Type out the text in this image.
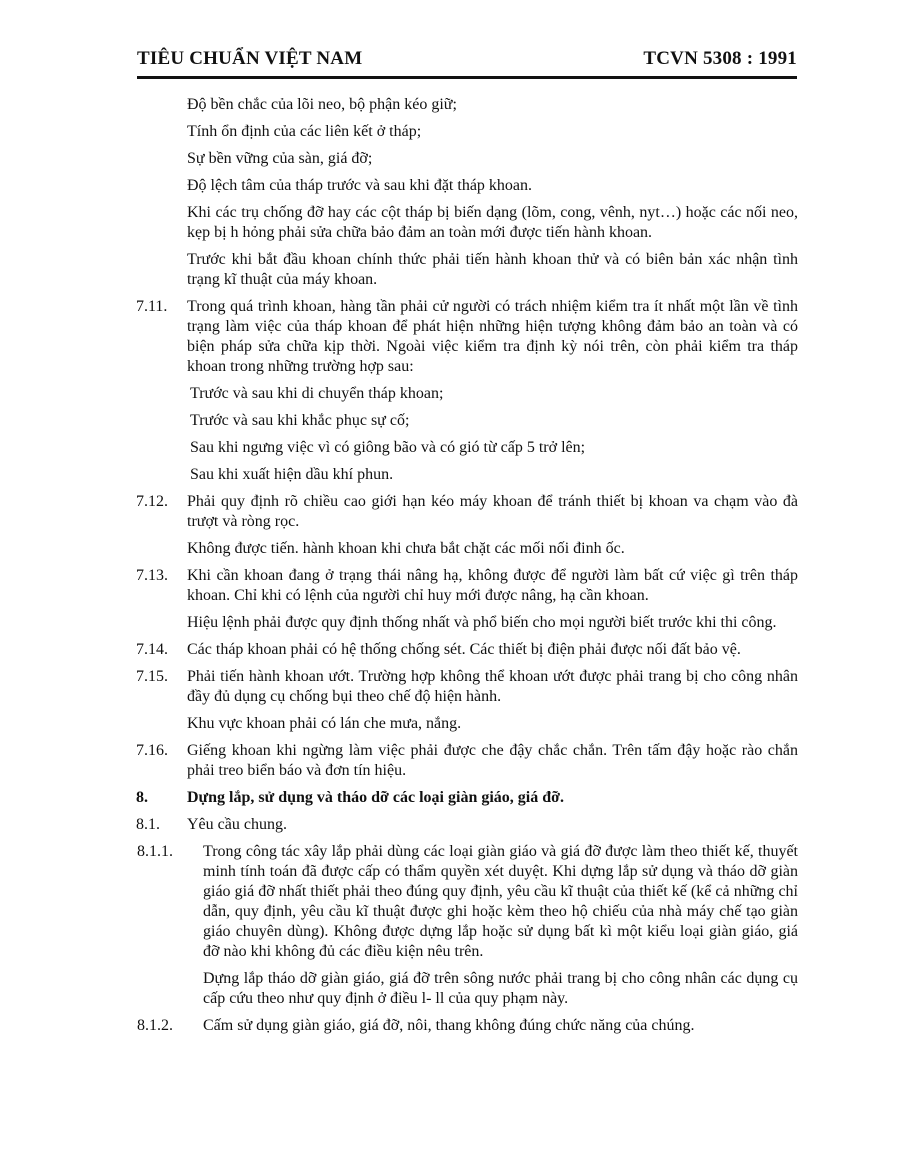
TIÊU CHUẨN VIỆT NAM	TCVN 5308 : 1991

Độ bền chắc của lõi neo, bộ phận kéo giữ;

Tính ổn định của các liên kết ở tháp;

Sự bền vững của sàn, giá đỡ;

Độ lệch tâm của tháp trước và sau khi đặt tháp khoan.

Khi các trụ chống đỡ hay các cột tháp bị biến dạng (lõm, cong, vênh, nyt…) hoặc các nối neo, kẹp bị h hỏng phải sửa chữa bảo đảm an toàn mới được tiến hành khoan.

Trước khi bắt đầu khoan chính thức phải tiến hành khoan thử và có biên bản xác nhận tình trạng kĩ thuật của máy khoan.

7.11. Trong quá trình khoan, hàng tần phải cử người có trách nhiệm kiểm tra ít nhất một lần về tình trạng làm việc của tháp khoan để phát hiện những hiện tượng không đảm bảo an toàn và có biện pháp sửa chữa kịp thời. Ngoài việc kiểm tra định kỳ nói trên, còn phải kiểm tra tháp khoan trong những trường hợp sau:

Trước và sau khi di chuyển tháp khoan;

Trước và sau khi khắc phục sự cố;

Sau khi ngưng việc vì có giông bão và có gió từ cấp 5 trở lên;

Sau khi xuất hiện dầu khí phun.

7.12. Phải quy định rõ chiều cao giới hạn kéo máy khoan để tránh thiết bị khoan va chạm vào đà trượt và ròng rọc.

Không được tiến. hành khoan khi chưa bắt chặt các mối nối đinh ốc.

7.13. Khi cần khoan đang ở trạng thái nâng hạ, không được để người làm bất cứ việc gì trên tháp khoan. Chỉ khi có lệnh của người chỉ huy mới được nâng, hạ cần khoan.

Hiệu lệnh phải được quy định thống nhất và phổ biến cho mọi người biết trước khi thi công.

7.14. Các tháp khoan phải có hệ thống chống sét. Các thiết bị điện phải được nối đất bảo vệ.
7.15. Phải tiến hành khoan ướt. Trường hợp không thể khoan ướt được phải trang bị cho công nhân đầy đủ dụng cụ chống bụi theo chế độ hiện hành.

Khu vực khoan phải có lán che mưa, nắng.

7.16. Giếng khoan khi ngừng làm việc phải được che đậy chắc chắn. Trên tấm đậy hoặc rào chắn phải treo biển báo và đơn tín hiệu.
8. Dựng lắp, sử dụng và tháo dỡ các loại giàn giáo, giá đỡ.
8.1. Yêu cầu chung.
8.1.1. Trong công tác xây lắp phải dùng các loại giàn giáo và giá đỡ được làm theo thiết kế, thuyết minh tính toán đã được cấp có thẩm quyền xét duyệt. Khi dựng lắp sử dụng và tháo dỡ giàn giáo giá đỡ nhất thiết phải theo đúng quy định, yêu cầu kĩ thuật của thiết kế (kể cả những chỉ dẫn, quy định, yêu cầu kĩ thuật được ghi hoặc kèm theo hộ chiếu của nhà máy chế tạo giàn giáo chuyên dùng). Không được dựng lắp hoặc sử dụng bất kì một kiểu loại giàn giáo, giá đỡ nào khi không đủ các điều kiện nêu trên.

Dựng lắp tháo dỡ giàn giáo, giá đỡ trên sông nước phải trang bị cho công nhân các dụng cụ cấp cứu theo như quy định ở điều l- ll của quy phạm này.

8.1.2. Cấm sử dụng giàn giáo, giá đỡ, nôi, thang không đúng chức năng của chúng.
